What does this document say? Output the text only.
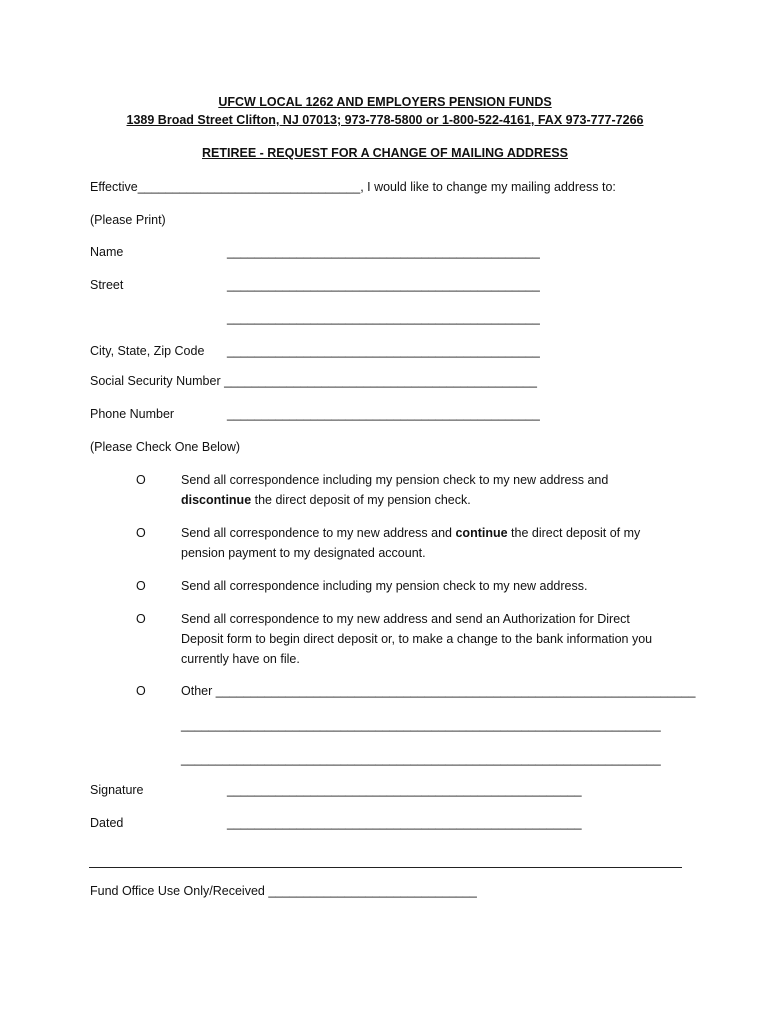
UFCW LOCAL 1262 AND EMPLOYERS PENSION FUNDS
1389 Broad Street Clifton, NJ 07013; 973-778-5800 or 1-800-522-4161, FAX 973-777-7266
RETIREE - REQUEST FOR A CHANGE OF MAILING ADDRESS
Effective________________________________, I would like to change my mailing address to:
(Please Print)
Name	_____________________________________________
Street	_____________________________________________
_____________________________________________
City, State, Zip Code _____________________________________________
Social Security Number _____________________________________________
Phone Number	_____________________________________________
(Please Check One Below)
O	Send all correspondence including my pension check to my new address and
discontinue the direct deposit of my pension check.
O	Send all correspondence to my new address and continue the direct deposit of my
pension payment to my designated account.
O	Send all correspondence including my pension check to my new address.
O	Send all correspondence to my new address and send an Authorization for Direct
Deposit form to begin direct deposit or, to make a change to the bank information you
currently have on file.
O	Other _____________________________________________________________________
_____________________________________________________________________
_____________________________________________________________________
Signature	___________________________________________________
Dated	___________________________________________________
Fund Office Use Only/Received ______________________________
